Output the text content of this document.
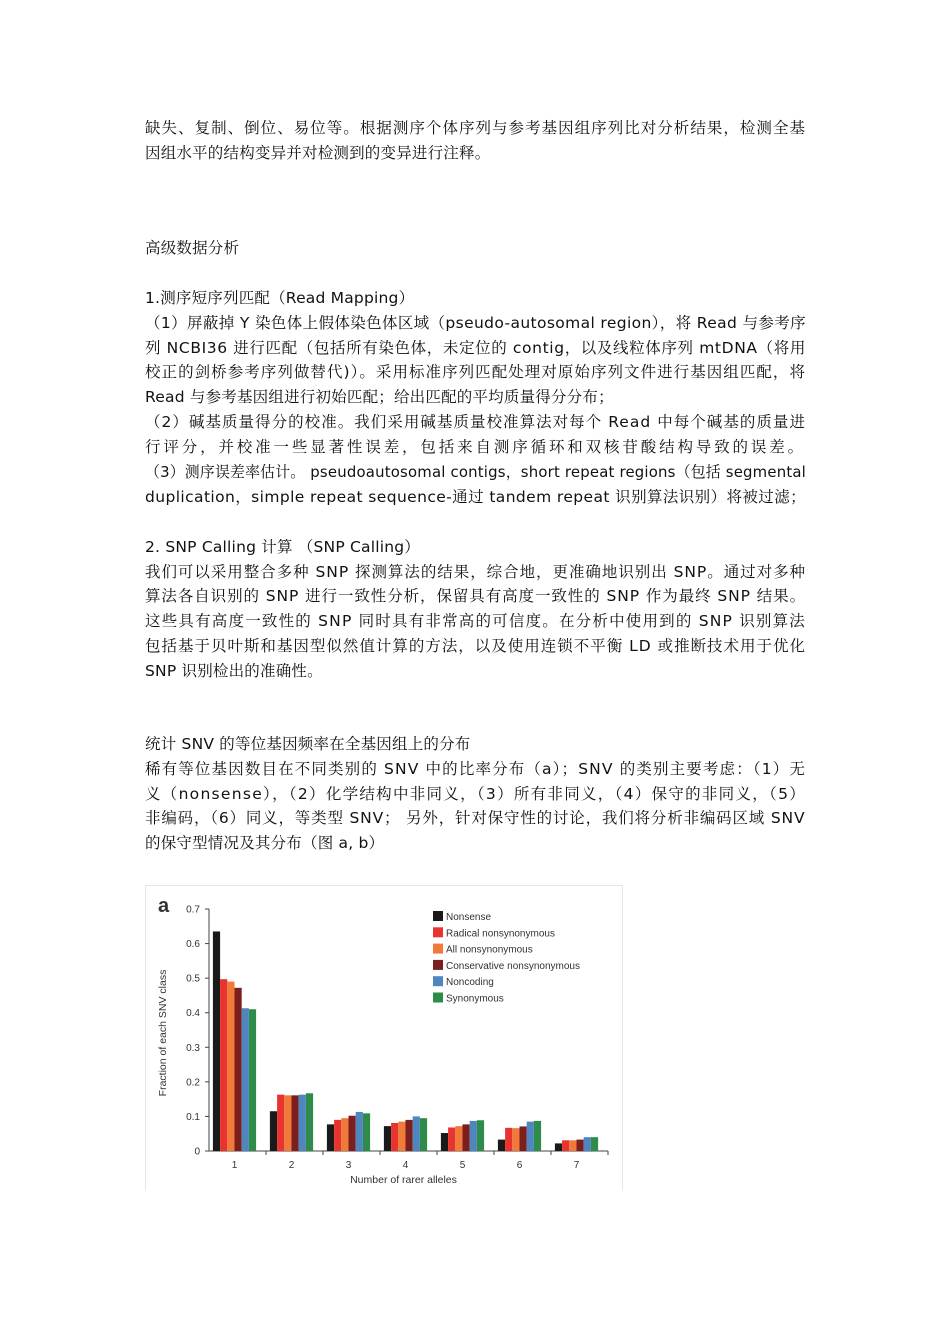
缺失、复制、倒位、易位等。根据测序个体序列与参考基因组序列比对分析结果，检测全基
因组水平的结构变异并对检测到的变异进行注释。
高级数据分析
1.测序短序列匹配（Read Mapping）
（1）屏蔽掉 Y 染色体上假体染色体区域（pseudo-autosomal region），将 Read 与参考序
列 NCBI36 进行匹配（包括所有染色体，未定位的 contig，以及线粒体序列 mtDNA（将用
校正的剑桥参考序列做替代)）。采用标准序列匹配处理对原始序列文件进行基因组匹配，将
Read 与参考基因组进行初始匹配；给出匹配的平均质量得分分布；
（2）碱基质量得分的校准。我们采用碱基质量校准算法对每个 Read 中每个碱基的质量进
行评分，并校准一些显著性误差，包括来自测序循环和双核苷酸结构导致的误差。
（3）测序误差率估计。 pseudoautosomal contigs，short repeat regions（包括 segmental
duplication，simple repeat sequence-通过 tandem repeat 识别算法识别）将被过滤；
2. SNP Calling 计算 （SNP Calling）
我们可以采用整合多种 SNP 探测算法的结果，综合地，更准确地识别出 SNP。通过对多种
算法各自识别的 SNP 进行一致性分析，保留具有高度一致性的 SNP 作为最终 SNP 结果。
这些具有高度一致性的 SNP 同时具有非常高的可信度。在分析中使用到的 SNP 识别算法
包括基于贝叶斯和基因型似然值计算的方法，以及使用连锁不平衡 LD 或推断技术用于优化
SNP 识别检出的准确性。
统计 SNV 的等位基因频率在全基因组上的分布
稀有等位基因数目在不同类别的 SNV 中的比率分布（a）；SNV 的类别主要考虑：（1）无
义（nonsense），（2）化学结构中非同义，（3）所有非同义，（4）保守的非同义，（5）
非编码，（6）同义，等类型 SNV； 另外，针对保守性的讨论，我们将分析非编码区域 SNV
的保守型情况及其分布（图 a, b）
a
0
0.1
0.2
0.3
0.4
0.5
0.6
0.7
1	2	3	4	5	6	7
Number of rarer alleles
Fraction of each SNV class
Nonsense
Radical nonsynonymous
All nonsynonymous
Conservative nonsynonymous
Noncoding
Synonymous
